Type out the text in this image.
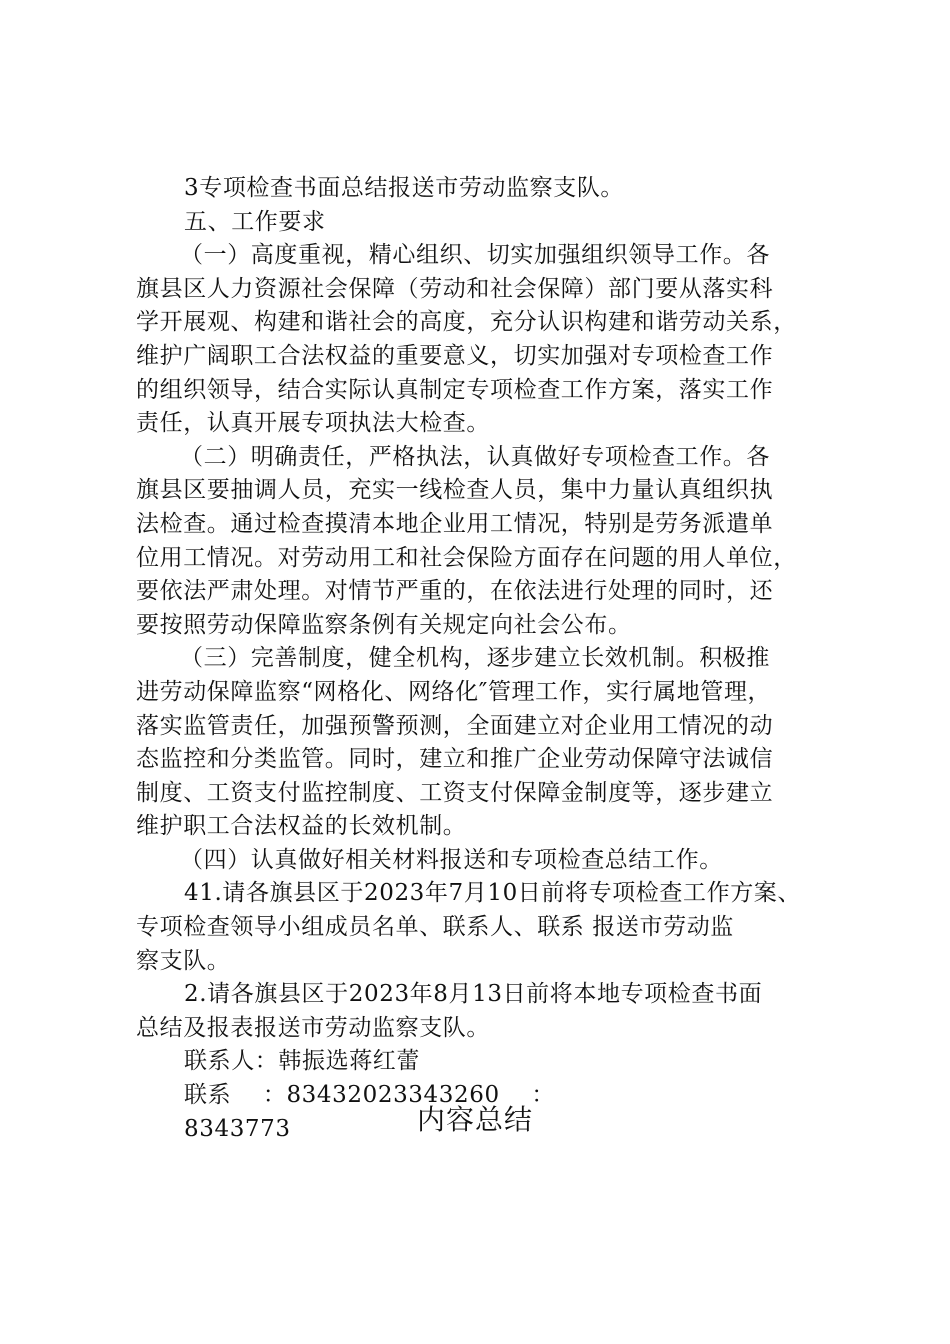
3专项检查书面总结报送市劳动监察支队。
五、工作要求
（一）高度重视，精心组织、切实加强组织领导工作。各
旗县区人力资源社会保障（劳动和社会保障）部门要从落实科
学开展观、构建和谐社会的高度，充分认识构建和谐劳动关系，
维护广阔职工合法权益的重要意义，切实加强对专项检查工作
的组织领导，结合实际认真制定专项检查工作方案，落实工作
责任，认真开展专项执法大检查。
（二）明确责任，严格执法，认真做好专项检查工作。各
旗县区要抽调人员，充实一线检查人员，集中力量认真组织执
法检查。通过检查摸清本地企业用工情况，特别是劳务派遣单
位用工情况。对劳动用工和社会保险方面存在问题的用人单位，
要依法严肃处理。对情节严重的，在依法进行处理的同时，还
要按照劳动保障监察条例有关规定向社会公布。
（三）完善制度，健全机构，逐步建立长效机制。积极推
进劳动保障监察“网格化、网络化″管理工作，实行属地管理，
落实监管责任，加强预警预测，全面建立对企业用工情况的动
态监控和分类监管。同时，建立和推广企业劳动保障守法诚信
制度、工资支付监控制度、工资支付保障金制度等，逐步建立
维护职工合法权益的长效机制。
（四）认真做好相关材料报送和专项检查总结工作。
41.请各旗县区于2023年7月10日前将专项检查工作方案、
专项检查领导小组成员名单、联系人、联系 报送市劳动监
察支队。
2.请各旗县区于2023年8月13日前将本地专项检查书面
总结及报表报送市劳动监察支队。
联系人：韩振选蒋红蕾
联系    ：83432023343260    ：
8343773	内容总结
